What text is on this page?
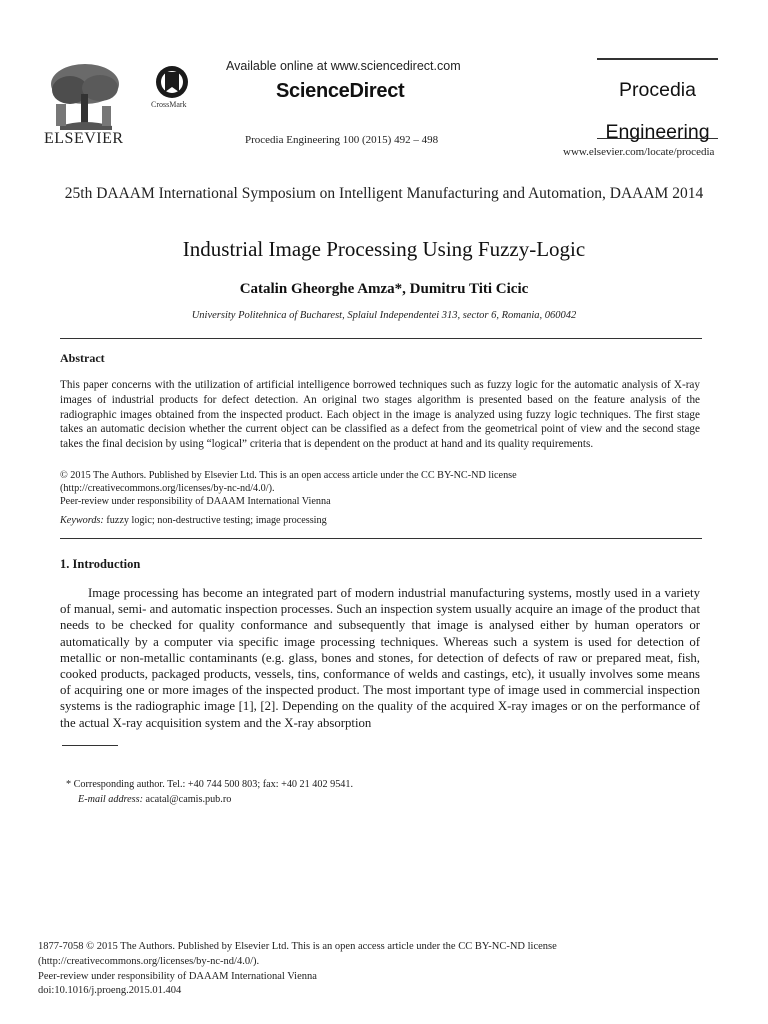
ELSEVIER
CrossMark
Available online at www.sciencedirect.com
ScienceDirect
Procedia Engineering 100 (2015) 492 – 498
Procedia
Engineering
www.elsevier.com/locate/procedia
25th DAAAM International Symposium on Intelligent Manufacturing and Automation, DAAAM 2014
Industrial Image Processing Using Fuzzy-Logic
Catalin Gheorghe Amza*, Dumitru Titi Cicic
University Politehnica of Bucharest, Splaiul Independentei 313, sector 6, Romania, 060042
Abstract
This paper concerns with the utilization of artificial intelligence borrowed techniques such as fuzzy logic for the automatic analysis of X-ray images of industrial products for defect detection. An original two stages algorithm is presented based on the feature analysis of the radiographic images obtained from the inspected product. Each object in the image is analyzed using fuzzy logic techniques. The first stage takes an automatic decision whether the current object can be classified as a defect from the geometrical point of view and the second stage takes the final decision by using “logical” criteria that is dependent on the product at hand and its quality requirements.
© 2015 The Authors. Published by Elsevier Ltd. This is an open access article under the CC BY-NC-ND license
(http://creativecommons.org/licenses/by-nc-nd/4.0/).
Peer-review under responsibility of DAAAM International Vienna
Keywords: fuzzy logic; non-destructive testing; image processing
1. Introduction
Image processing has become an integrated part of modern industrial manufacturing systems, mostly used in a variety of manual, semi- and automatic inspection processes. Such an inspection system usually acquire an image of the product that needs to be checked for quality conformance and subsequently that image is analysed either by human operators or automatically by a computer via specific image processing techniques. Whereas such a system is used for detection of metallic or non-metallic contaminants (e.g. glass, bones and stones, for detection of defects of raw or prepared meat, fish, cooked products, packaged products, vessels, tins, conformance of welds and castings, etc), it usually involves some means of acquiring one or more images of the inspected product. The most important type of image used in commercial inspection systems is the radiographic image [1], [2]. Depending on the quality of the acquired X-ray images or on the performance of the actual X-ray acquisition system and the X-ray absorption
* Corresponding author. Tel.: +40 744 500 803; fax: +40 21 402 9541.
E-mail address: acatal@camis.pub.ro
1877-7058 © 2015 The Authors. Published by Elsevier Ltd. This is an open access article under the CC BY-NC-ND license
(http://creativecommons.org/licenses/by-nc-nd/4.0/).
Peer-review under responsibility of DAAAM International Vienna
doi:10.1016/j.proeng.2015.01.404
